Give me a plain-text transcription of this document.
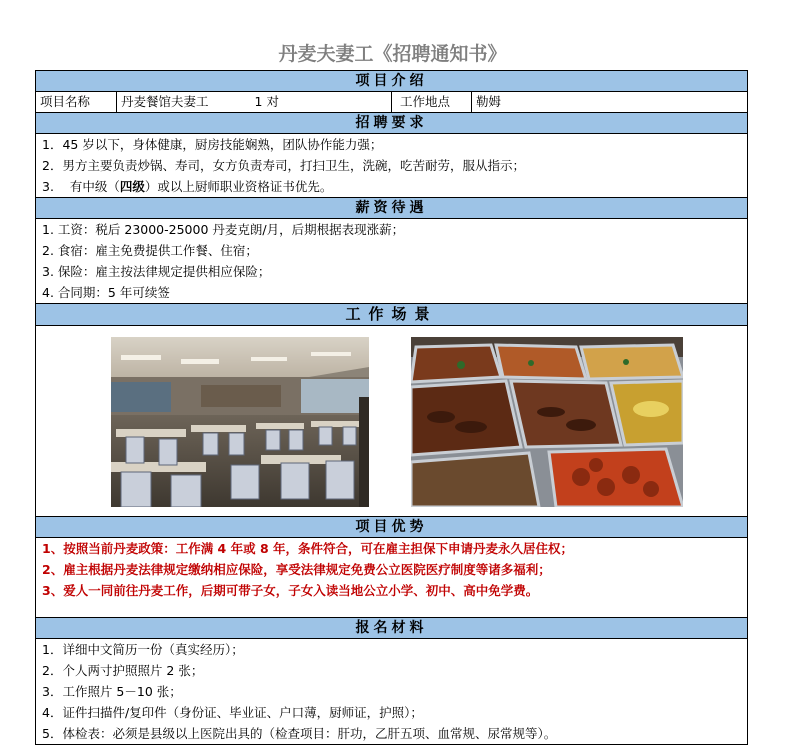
丹麦夫妻工《招聘通知书》
项目介绍
项目名称	丹麦餐馆夫妻工	1 对	工作地点	勒姆
招聘要求
1．45 岁以下，身体健康，厨房技能娴熟，团队协作能力强；
2．男方主要负责炒锅、寿司，女方负责寿司，打扫卫生，洗碗，吃苦耐劳，服从指示；
3.    有中级（四级）或以上厨师职业资格证书优先。
薪资待遇
1. 工资：税后 23000-25000 丹麦克朗/月，后期根据表现涨薪；
2. 食宿：雇主免费提供工作餐、住宿；
3. 保险：雇主按法律规定提供相应保险；
4. 合同期：5 年可续签
工作场景
项目优势
1、按照当前丹麦政策：工作满 4 年或 8 年，条件符合，可在雇主担保下申请丹麦永久居住权；
2、雇主根据丹麦法律规定缴纳相应保险，享受法律规定免费公立医院医疗制度等诸多福利；
3、爱人一同前往丹麦工作，后期可带子女，子女入读当地公立小学、初中、高中免学费。
报名材料
1．详细中文简历一份（真实经历）；
2．个人两寸护照照片 2 张；
3．工作照片 5－10 张；
4．证件扫描件/复印件（身份证、毕业证、户口薄，厨师证，护照）；
5．体检表：必须是县级以上医院出具的（检查项目：肝功，乙肝五项、血常规、尿常规等）。
